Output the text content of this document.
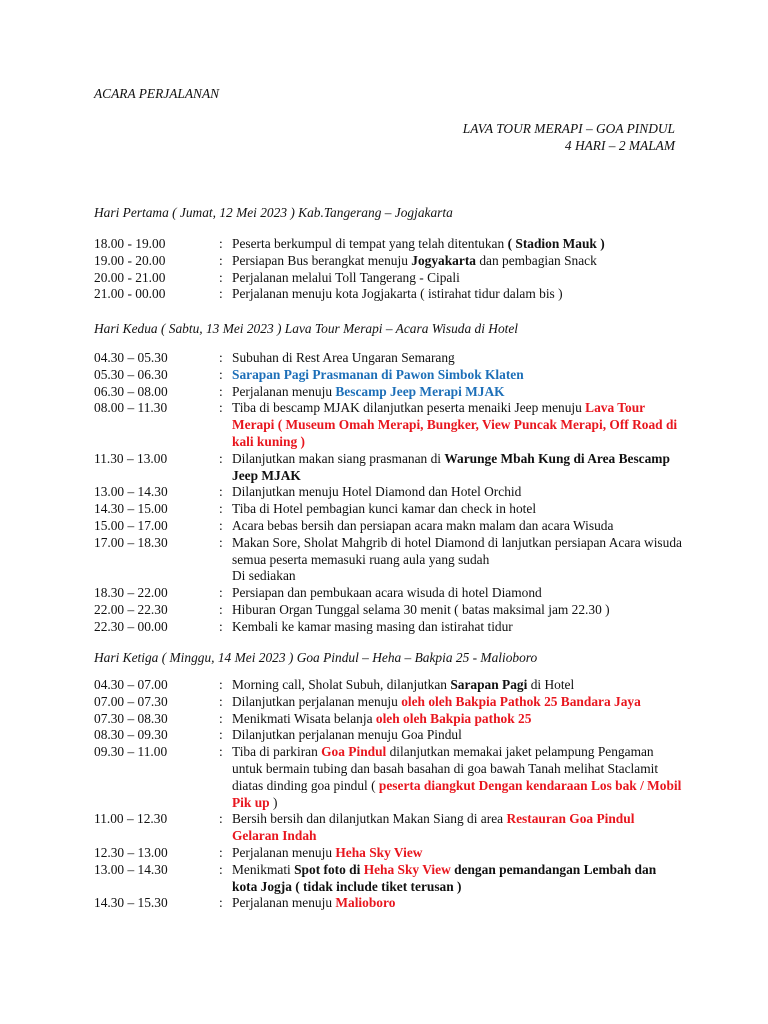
ACARA PERJALANAN
LAVA TOUR MERAPI – GOA PINDUL
4 HARI – 2 MALAM
Hari Pertama ( Jumat, 12 Mei 2023 ) Kab.Tangerang – Jogjakarta
18.00 - 19.00	: Peserta berkumpul di tempat yang telah ditentukan ( Stadion Mauk )
19.00 - 20.00	: Persiapan Bus berangkat menuju Jogyakarta dan pembagian Snack
20.00 - 21.00	: Perjalanan melalui Toll Tangerang - Cipali
21.00 - 00.00	: Perjalanan menuju kota Jogjakarta ( istirahat tidur dalam bis )
Hari Kedua ( Sabtu, 13 Mei 2023 ) Lava Tour Merapi – Acara Wisuda di Hotel
04.30 – 05.30	: Subuhan di Rest Area Ungaran Semarang
05.30 – 06.30	: Sarapan Pagi Prasmanan di Pawon Simbok Klaten
06.30 – 08.00	: Perjalanan menuju Bescamp Jeep Merapi MJAK
08.00 – 11.30	: Tiba di bescamp MJAK dilanjutkan peserta menaiki Jeep menuju Lava Tour Merapi ( Museum Omah Merapi, Bungker, View Puncak Merapi, Off Road di kali kuning )
11.30 – 13.00	: Dilanjutkan makan siang prasmanan di Warunge Mbah Kung di Area Bescamp Jeep MJAK
13.00 – 14.30	: Dilanjutkan menuju Hotel Diamond dan Hotel Orchid
14.30 – 15.00	: Tiba di Hotel pembagian kunci kamar dan check in hotel
15.00 – 17.00	: Acara bebas bersih dan persiapan acara makn malam dan acara Wisuda
17.00 – 18.30	: Makan Sore, Sholat Mahgrib di hotel Diamond di lanjutkan persiapan Acara wisuda semua peserta memasuki ruang aula yang sudah
Di sediakan
18.30 – 22.00	: Persiapan dan pembukaan acara wisuda di hotel Diamond
22.00 – 22.30	: Hiburan Organ Tunggal selama 30 menit ( batas maksimal jam 22.30 )
22.30 – 00.00	: Kembali ke kamar masing masing dan istirahat tidur
Hari Ketiga ( Minggu, 14 Mei 2023 ) Goa Pindul – Heha – Bakpia 25 - Malioboro
04.30 – 07.00	: Morning call, Sholat Subuh, dilanjutkan Sarapan Pagi di Hotel
07.00 – 07.30	: Dilanjutkan perjalanan menuju oleh oleh Bakpia Pathok 25 Bandara Jaya
07.30 – 08.30	: Menikmati Wisata belanja oleh oleh Bakpia pathok 25
08.30 – 09.30	: Dilanjutkan perjalanan menuju Goa Pindul
09.30 – 11.00	: Tiba di parkiran Goa Pindul dilanjutkan memakai jaket pelampung Pengaman untuk bermain tubing dan basah basahan di goa bawah Tanah melihat Staclamit diatas dinding goa pindul ( peserta diangkut Dengan kendaraan Los bak / Mobil Pik up )
11.00 – 12.30	: Bersih bersih dan dilanjutkan Makan Siang di area Restauran Goa Pindul Gelaran Indah
12.30 – 13.00	: Perjalanan menuju Heha Sky View
13.00 – 14.30	: Menikmati Spot foto di Heha Sky View dengan pemandangan Lembah dan kota Jogja ( tidak include tiket terusan )
14.30 – 15.30	: Perjalanan menuju Malioboro
